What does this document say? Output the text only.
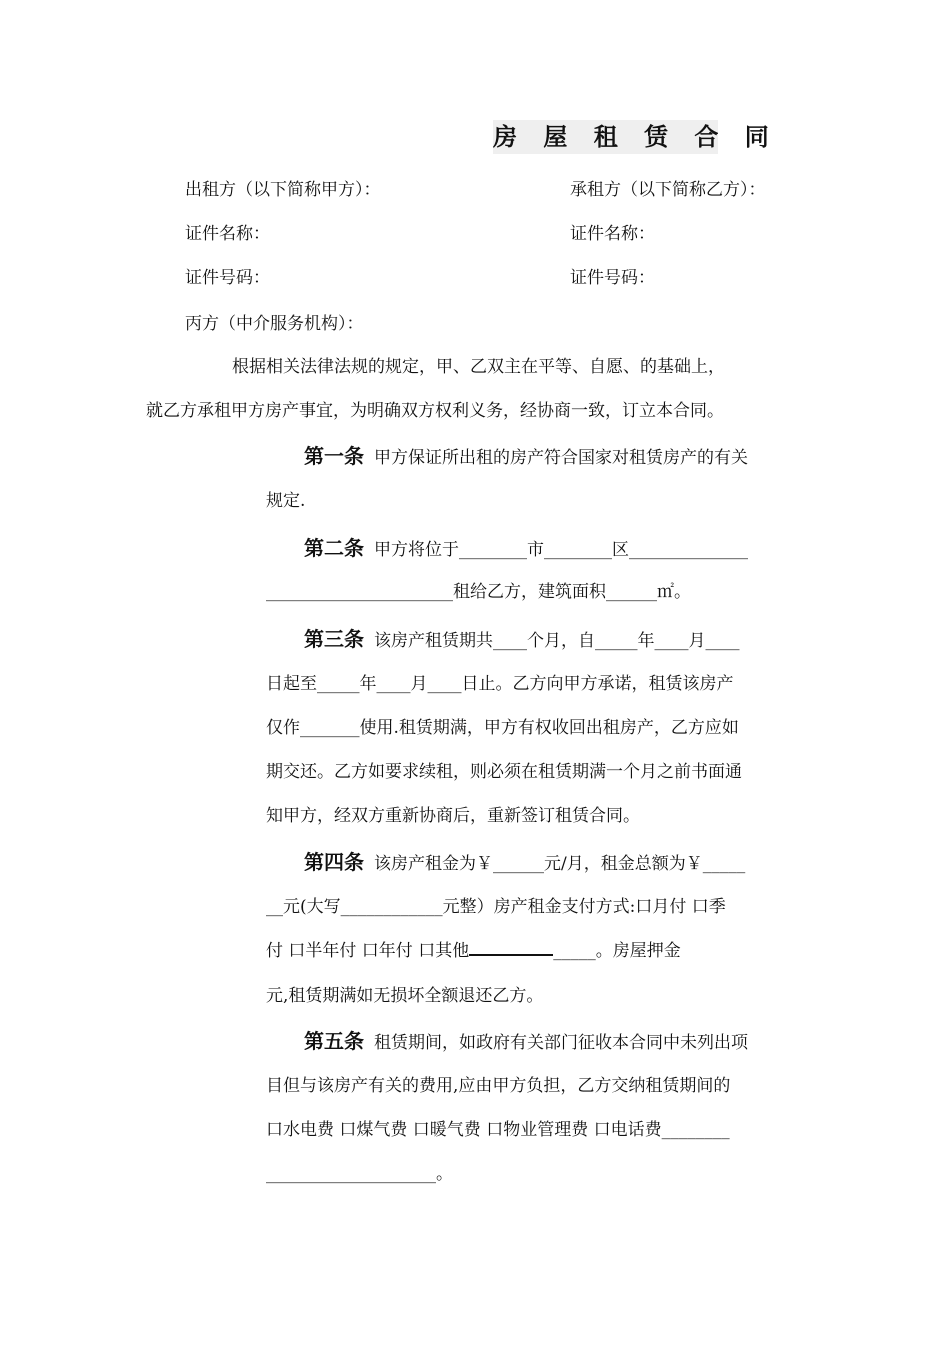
房 屋 租 赁 合 同
出租方（以下简称甲方）：	承租方（以下简称乙方）：
证件名称：	证件名称：
证件号码：	证件号码：
丙方（中介服务机构）：
根据相关法律法规的规定，甲、乙双主在平等、自愿、的基础上，
就乙方承租甲方房产事宜，为明确双方权利义务，经协商一致，订立本合同。
第一条 甲方保证所出租的房产符合国家对租赁房产的有关
规定.
第二条 甲方将位于________市________区______________
______________________租给乙方，建筑面积______㎡。
第三条 该房产租赁期共____个月，自_____年____月____
日起至_____年____月____日止。乙方向甲方承诺，租赁该房产
仅作_______使用.租赁期满，甲方有权收回出租房产，乙方应如
期交还。乙方如要求续租，则必须在租赁期满一个月之前书面通
知甲方，经双方重新协商后，重新签订租赁合同。
第四条 该房产租金为￥______元/月，租金总额为￥_____
__元(大写____________元整）房产租金支付方式:口月付 口季
付 口半年付 口年付 口其他	_____。房屋押金
元,租赁期满如无损坏全额退还乙方。
第五条 租赁期间，如政府有关部门征收本合同中未列出项
目但与该房产有关的费用,应由甲方负担，乙方交纳租赁期间的
口水电费 口煤气费 口暖气费 口物业管理费 口电话费________
____________________。
